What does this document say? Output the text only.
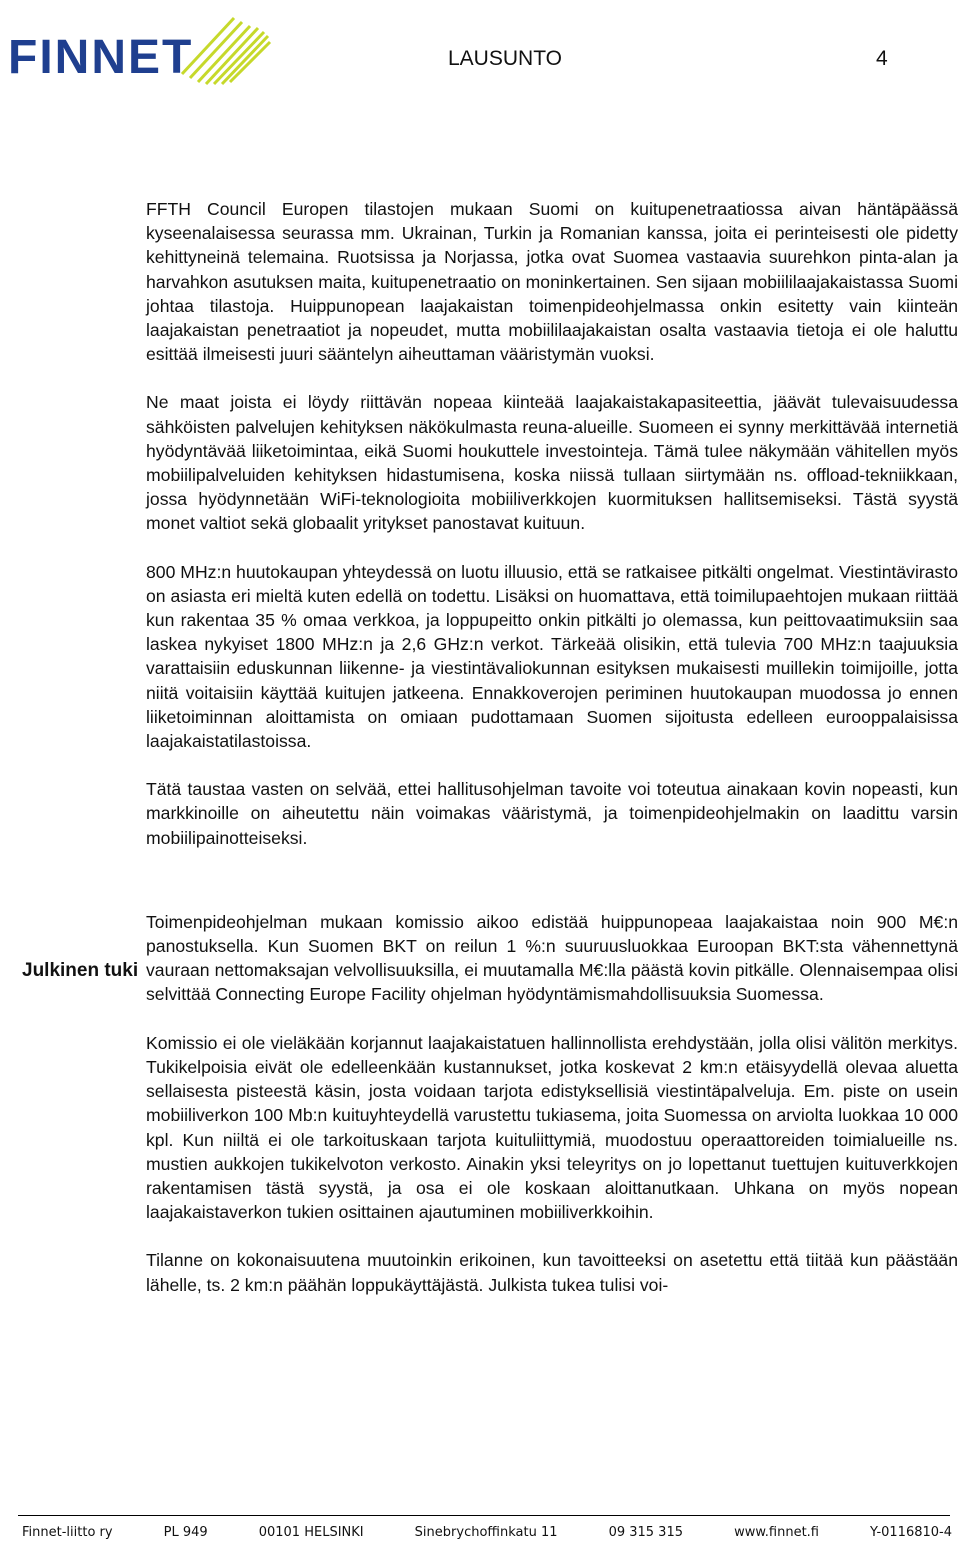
FINNET	LAUSUNTO	4
Julkinen tuki

FFTH Council Europen tilastojen mukaan Suomi on kuitupenetraatiossa aivan häntäpäässä kyseenalaisessa seurassa mm. Ukrainan, Turkin ja Romanian kanssa, joita ei perinteisesti ole pidetty kehittyneinä telemaina. Ruotsissa ja Norjassa, jotka ovat Suomea vastaavia suurehkon pinta-alan ja harvahkon asutuksen maita, kuitupenetraatio on moninkertainen. Sen sijaan mobiililaajakaistassa Suomi johtaa tilastoja. Huippunopean laajakaistan toimenpideohjelmassa onkin esitetty vain kiinteän laajakaistan penetraatiot ja nopeudet, mutta mobiililaajakaistan osalta vastaavia tietoja ei ole haluttu esittää ilmeisesti juuri sääntelyn aiheuttaman vääristymän vuoksi.

Ne maat joista ei löydy riittävän nopeaa kiinteää laajakaistakapasiteettia, jäävät tulevaisuudessa sähköisten palvelujen kehityksen näkökulmasta reuna-alueille. Suomeen ei synny merkittävää internetiä hyödyntävää liiketoimintaa, eikä Suomi houkuttele investointeja. Tämä tulee näkymään vähitellen myös mobiilipalveluiden kehityksen hidastumisena, koska niissä tullaan siirtymään ns. offload-tekniikkaan, jossa hyödynnetään WiFi-teknologioita mobiiliverkkojen kuormituksen hallitsemiseksi. Tästä syystä monet valtiot sekä globaalit yritykset panostavat kuituun.

800 MHz:n huutokaupan yhteydessä on luotu illuusio, että se ratkaisee pitkälti ongelmat. Viestintävirasto on asiasta eri mieltä kuten edellä on todettu. Lisäksi on huomattava, että toimilupaehtojen mukaan riittää kun rakentaa 35 % omaa verkkoa, ja loppupeitto onkin pitkälti jo olemassa, kun peittovaatimuksiin saa laskea nykyiset 1800 MHz:n ja 2,6 GHz:n verkot. Tärkeää olisikin, että tulevia 700 MHz:n taajuuksia varattaisiin eduskunnan liikenne- ja viestintävaliokunnan esityksen mukaisesti muillekin toimijoille, jotta niitä voitaisiin käyttää kuitujen jatkeena. Ennakkoverojen periminen huutokaupan muodossa jo ennen liiketoiminnan aloittamista on omiaan pudottamaan Suomen sijoitusta edelleen eurooppalaisissa laajakaistatilastoissa.

Tätä taustaa vasten on selvää, ettei hallitusohjelman tavoite voi toteutua ainakaan kovin nopeasti, kun markkinoille on aiheutettu näin voimakas vääristymä, ja toimenpideohjelmakin on laadittu varsin mobiilipainotteiseksi.

Toimenpideohjelman mukaan komissio aikoo edistää huippunopeaa laajakaistaa noin 900 M€:n panostuksella. Kun Suomen BKT on reilun 1 %:n suuruusluokkaa Euroopan BKT:sta vähennettynä vauraan nettomaksajan velvollisuuksilla, ei muutamalla M€:lla päästä kovin pitkälle. Olennaisempaa olisi selvittää Connecting Europe Facility ohjelman hyödyntämismahdollisuuksia Suomessa.

Komissio ei ole vieläkään korjannut laajakaistatuen hallinnollista erehdystään, jolla olisi välitön merkitys. Tukikelpoisia eivät ole edelleenkään kustannukset, jotka koskevat 2 km:n etäisyydellä olevaa aluetta sellaisesta pisteestä käsin, josta voidaan tarjota edistyksellisiä viestintäpalveluja. Em. piste on usein mobiiliverkon 100 Mb:n kuituyhteydellä varustettu tukiasema, joita Suomessa on arviolta luokkaa 10 000 kpl. Kun niiltä ei ole tarkoituskaan tarjota kuituliittymiä, muodostuu operaattoreiden toimialueille ns. mustien aukkojen tukikelvoton verkosto. Ainakin yksi teleyritys on jo lopettanut tuettujen kuituverkkojen rakentamisen tästä syystä, ja osa ei ole koskaan aloittanutkaan. Uhkana on myös nopean laajakaistaverkon tukien osittainen ajautuminen mobiiliverkkoihin.

Tilanne on kokonaisuutena muutoinkin erikoinen, kun tavoitteeksi on asetettu että tiitää kun päästään lähelle, ts. 2 km:n päähän loppukäyttäjästä. Julkista tukea tulisi voi-

Finnet-liitto ry	PL 949	00101 HELSINKI	Sinebrychoffinkatu 11	09 315 315	www.finnet.fi	Y-0116810-4
